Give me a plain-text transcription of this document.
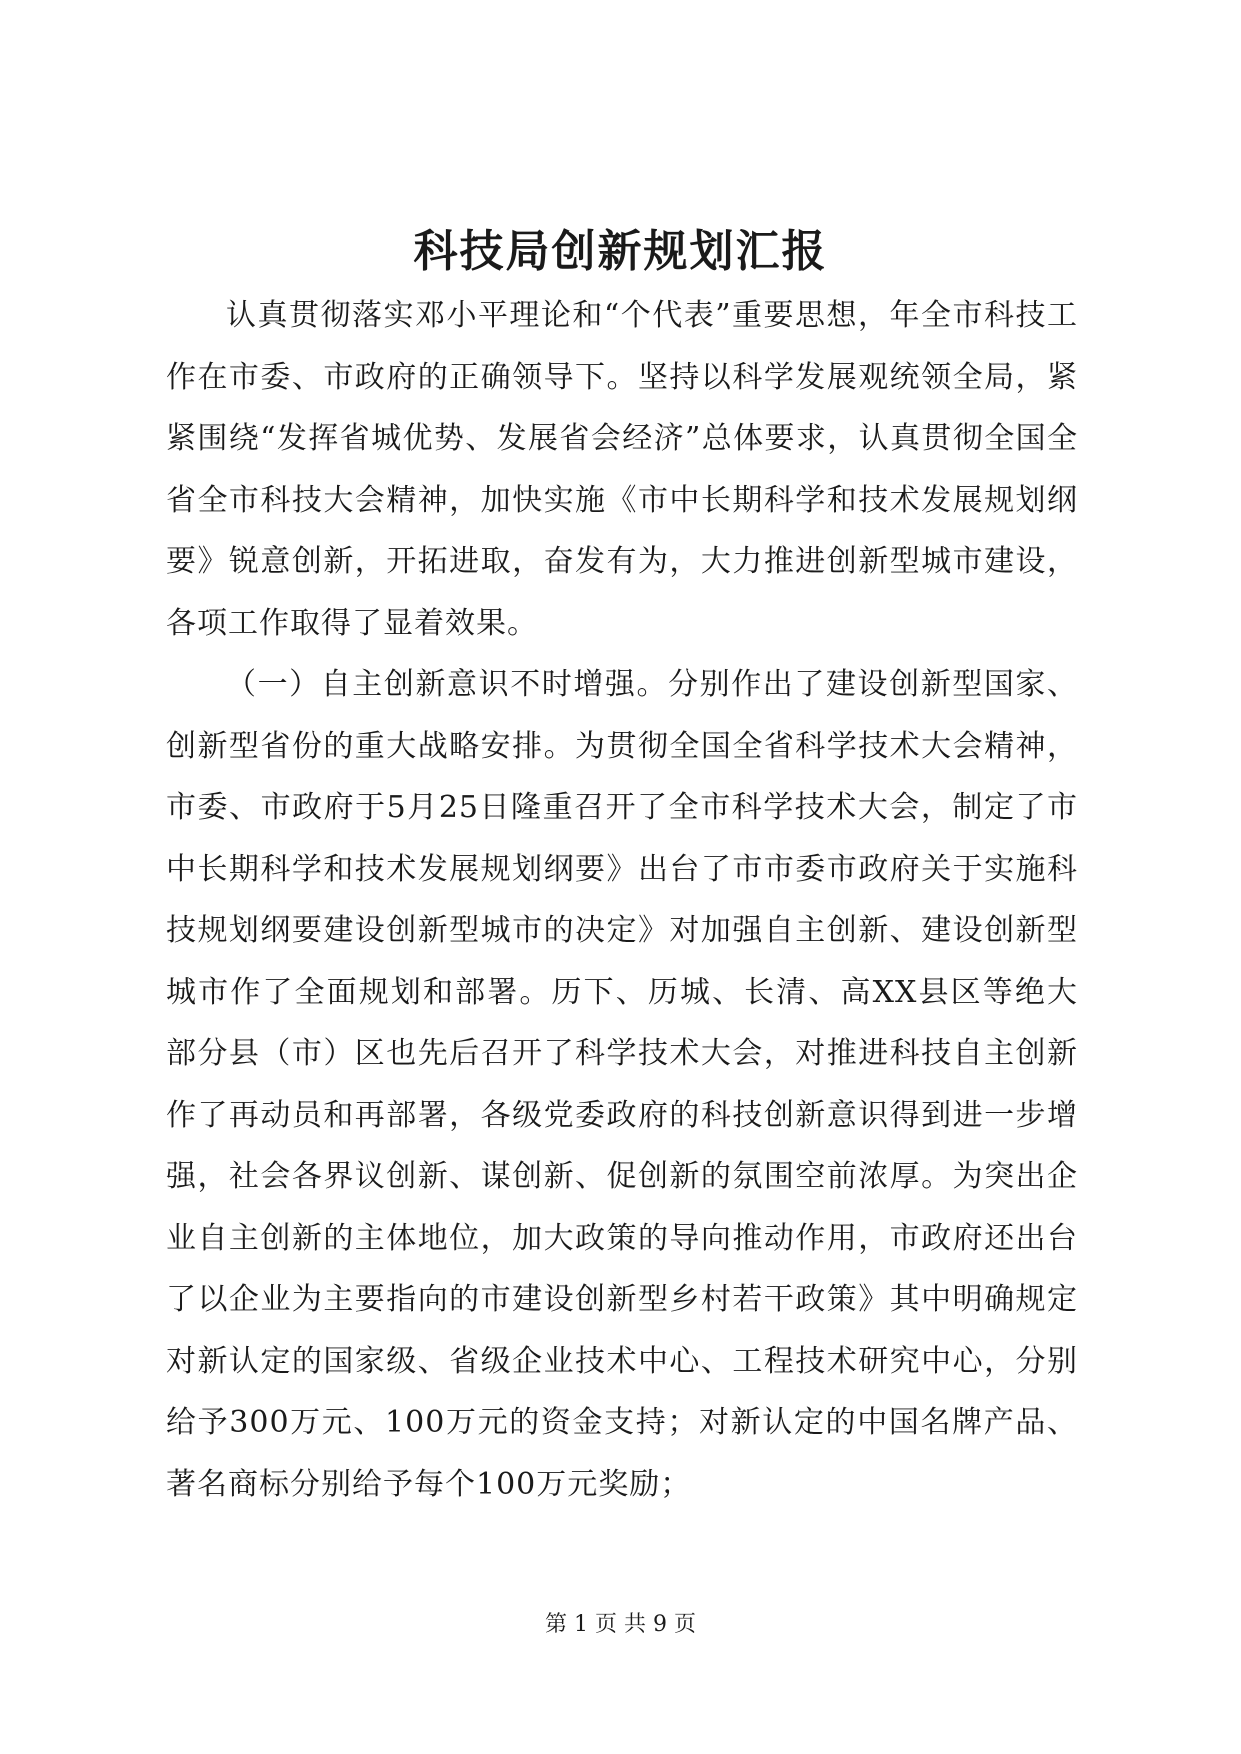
科技局创新规划汇报

认真贯彻落实邓小平理论和“个代表”重要思想，年全市科技工作在市委、市政府的正确领导下。坚持以科学发展观统领全局，紧紧围绕“发挥省城优势、发展省会经济”总体要求，认真贯彻全国全省全市科技大会精神，加快实施《市中长期科学和技术发展规划纲要》锐意创新，开拓进取，奋发有为，大力推进创新型城市建设，各项工作取得了显着效果。

（一）自主创新意识不时增强。分别作出了建设创新型国家、创新型省份的重大战略安排。为贯彻全国全省科学技术大会精神，市委、市政府于5月25日隆重召开了全市科学技术大会，制定了市中长期科学和技术发展规划纲要》出台了市市委市政府关于实施科技规划纲要建设创新型城市的决定》对加强自主创新、建设创新型城市作了全面规划和部署。历下、历城、长清、高XX县区等绝大部分县（市）区也先后召开了科学技术大会，对推进科技自主创新作了再动员和再部署，各级党委政府的科技创新意识得到进一步增强，社会各界议创新、谋创新、促创新的氛围空前浓厚。为突出企业自主创新的主体地位，加大政策的导向推动作用，市政府还出台了以企业为主要指向的市建设创新型乡村若干政策》其中明确规定对新认定的国家级、省级企业技术中心、工程技术研究中心，分别给予300万元、100万元的资金支持；对新认定的中国名牌产品、著名商标分别给予每个100万元奖励；

第 1 页 共 9 页
